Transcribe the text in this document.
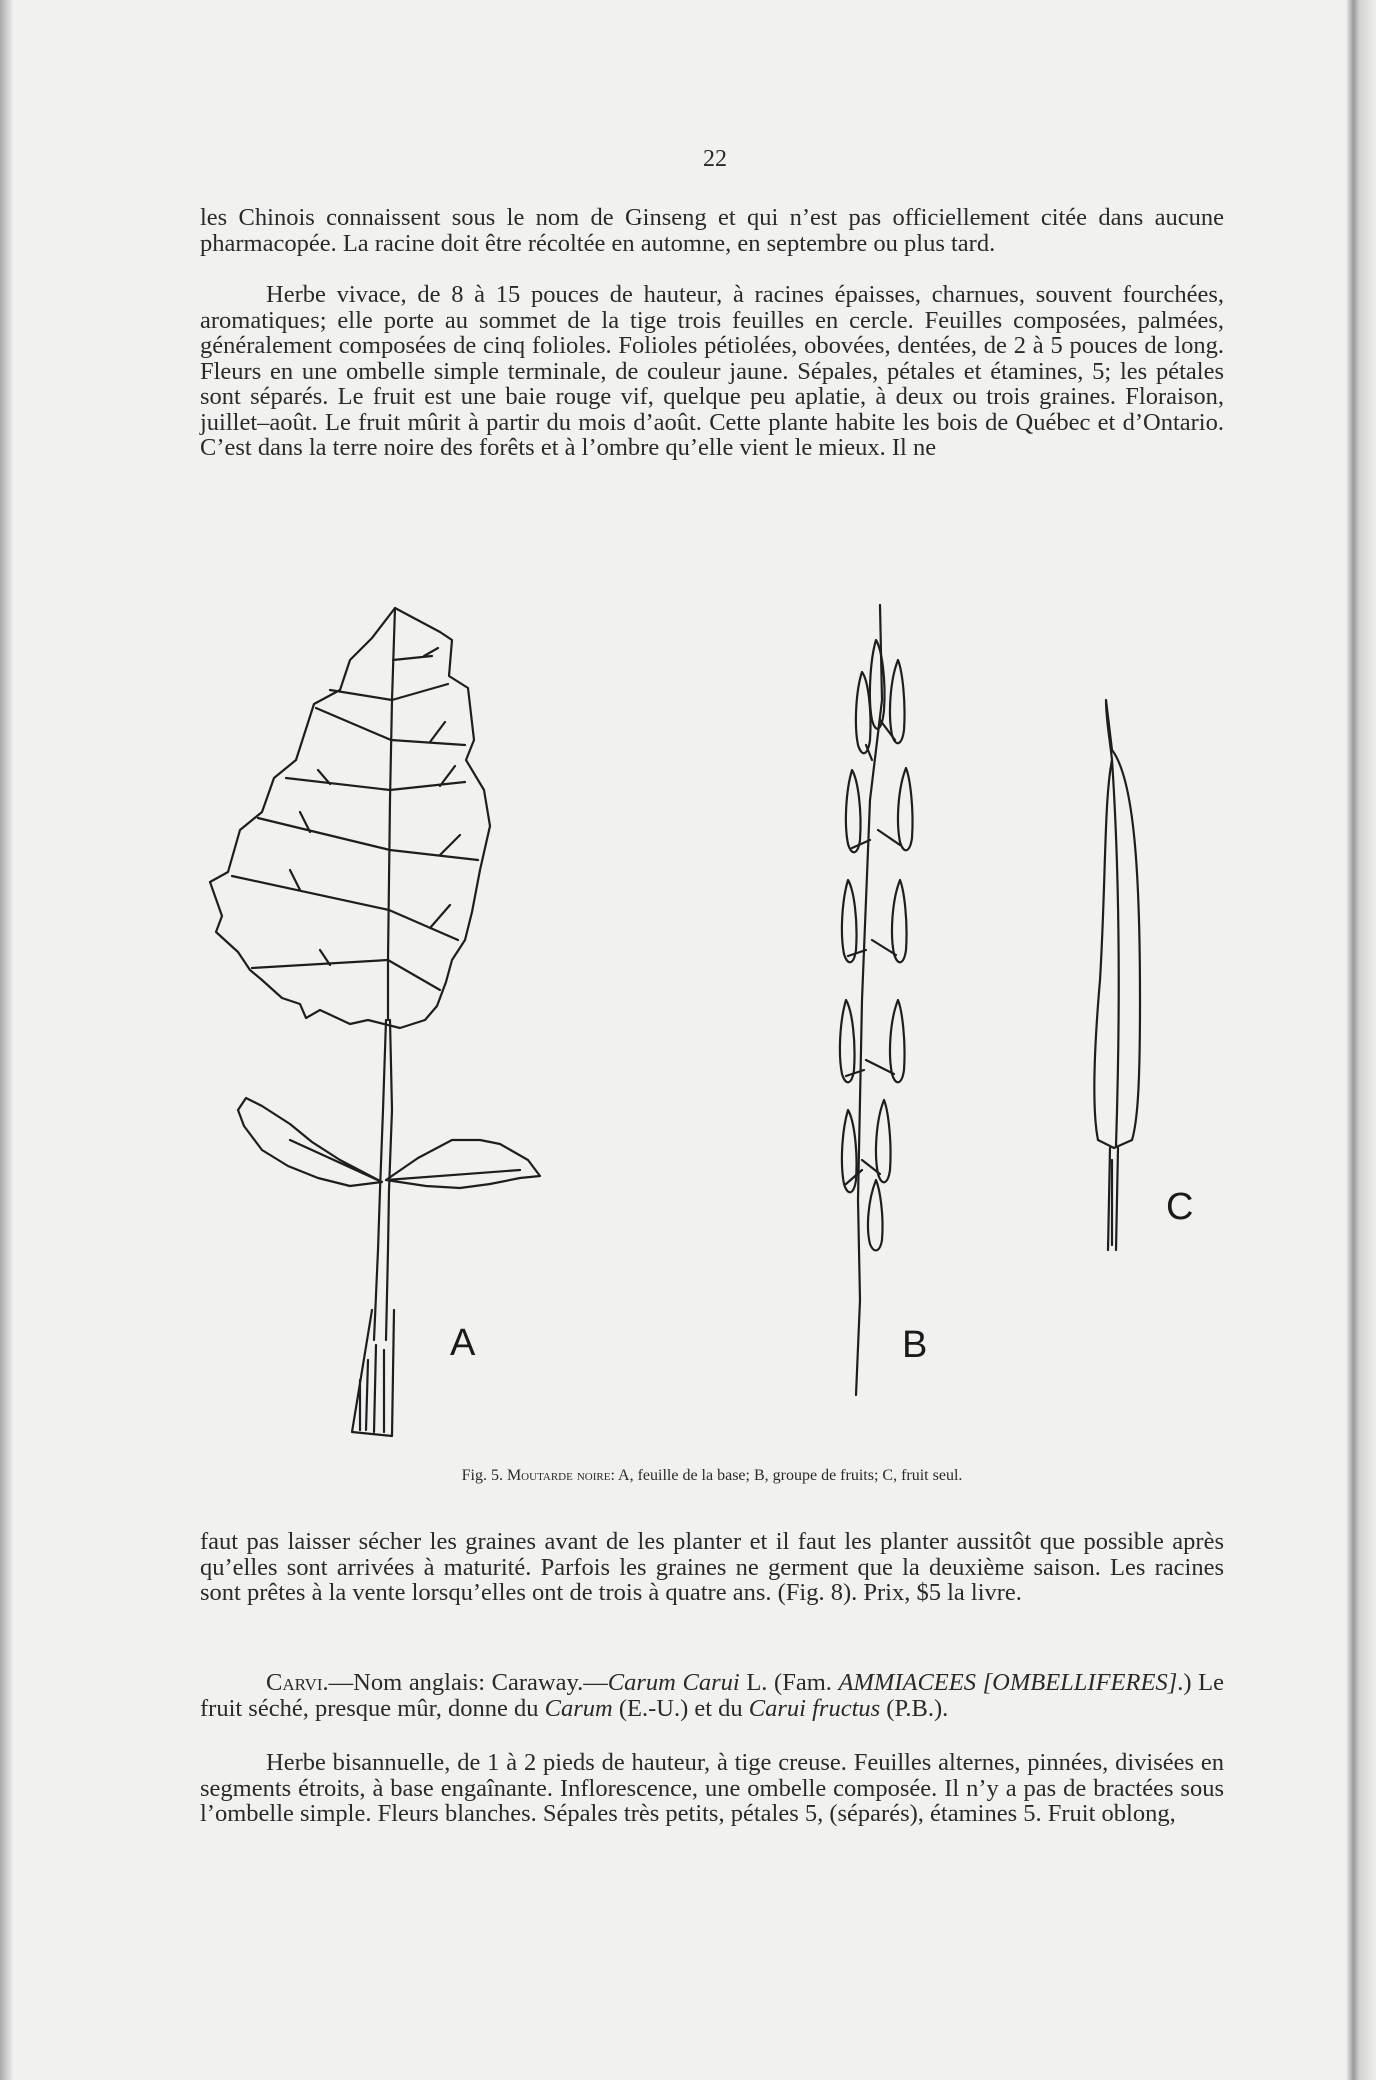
22

les Chinois connaissent sous le nom de Ginseng et qui n’est pas officiellement citée dans aucune pharmacopée. La racine doit être récoltée en automne, en septembre ou plus tard.

Herbe vivace, de 8 à 15 pouces de hauteur, à racines épaisses, charnues, souvent fourchées, aromatiques; elle porte au sommet de la tige trois feuilles en cercle. Feuilles composées, palmées, généralement composées de cinq folioles. Folioles pétiolées, obovées, dentées, de 2 à 5 pouces de long. Fleurs en une ombelle simple terminale, de couleur jaune. Sépales, pétales et étamines, 5; les pétales sont séparés. Le fruit est une baie rouge vif, quelque peu aplatie, à deux ou trois graines. Floraison, juillet–août. Le fruit mûrit à partir du mois d’août. Cette plante habite les bois de Québec et d’Ontario. C’est dans la terre noire des forêts et à l’ombre qu’elle vient le mieux. Il ne

A	B
C
Fig. 5. Moutarde noire: A, feuille de la base; B, groupe de fruits; C, fruit seul.

faut pas laisser sécher les graines avant de les planter et il faut les planter aussitôt que possible après qu’elles sont arrivées à maturité. Parfois les graines ne germent que la deuxième saison. Les racines sont prêtes à la vente lorsqu’elles ont de trois à quatre ans. (Fig. 8). Prix, $5 la livre.

Carvi.—Nom anglais: Caraway.—Carum Carui L. (Fam. AMMIACEES [OMBELLIFERES].) Le fruit séché, presque mûr, donne du Carum (E.-U.) et du Carui fructus (P.B.).

Herbe bisannuelle, de 1 à 2 pieds de hauteur, à tige creuse. Feuilles alternes, pinnées, divisées en segments étroits, à base engaînante. Inflorescence, une ombelle composée. Il n’y a pas de bractées sous l’ombelle simple. Fleurs blanches. Sépales très petits, pétales 5, (séparés), étamines 5. Fruit oblong,
